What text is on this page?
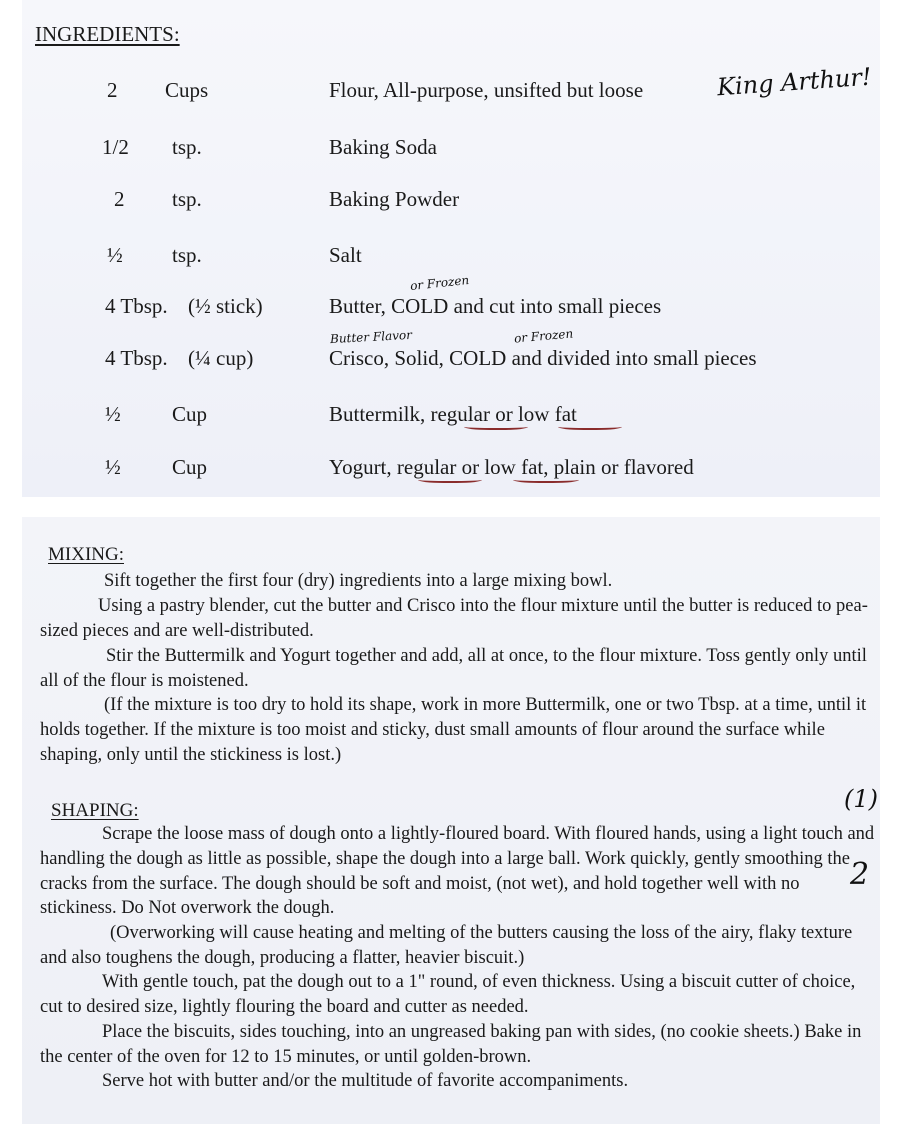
INGREDIENTS:
2 Cups	Flour, All-purpose, unsifted but loose
1/2 tsp.	Baking Soda
2 tsp.	Baking Powder
½ tsp.	Salt
4 Tbsp. (½ stick)	Butter, COLD and cut into small pieces
4 Tbsp. (¼ cup)	Crisco, Solid, COLD and divided into small pieces
½ Cup	Buttermilk, regular or low fat
½ Cup	Yogurt, regular or low fat, plain or flavored
King Arthur!
or Frozen
Butter Flavor	or Frozen
MIXING:

Sift together the first four (dry) ingredients into a large mixing bowl.

Using a pastry blender, cut the butter and Crisco into the flour mixture until the butter is reduced to pea-sized pieces and are well-distributed.

Stir the Buttermilk and Yogurt together and add, all at once, to the flour mixture. Toss gently only until all of the flour is moistened.

(If the mixture is too dry to hold its shape, work in more Buttermilk, one or two Tbsp. at a time, until it holds together. If the mixture is too moist and sticky, dust small amounts of flour around the surface while shaping, only until the stickiness is lost.)

SHAPING:

Scrape the loose mass of dough onto a lightly-floured board. With floured hands, using a light touch and handling the dough as little as possible, shape the dough into a large ball. Work quickly, gently smoothing the cracks from the surface. The dough should be soft and moist, (not wet), and hold together well with no stickiness. Do Not overwork the dough.

(Overworking will cause heating and melting of the butters causing the loss of the airy, flaky texture and also toughens the dough, producing a flatter, heavier biscuit.)

With gentle touch, pat the dough out to a 1" round, of even thickness. Using a biscuit cutter of choice, cut to desired size, lightly flouring the board and cutter as needed.

Place the biscuits, sides touching, into an ungreased baking pan with sides, (no cookie sheets.) Bake in the center of the oven for 12 to 15 minutes, or until golden-brown.

Serve hot with butter and/or the multitude of favorite accompaniments.

(1)
2
